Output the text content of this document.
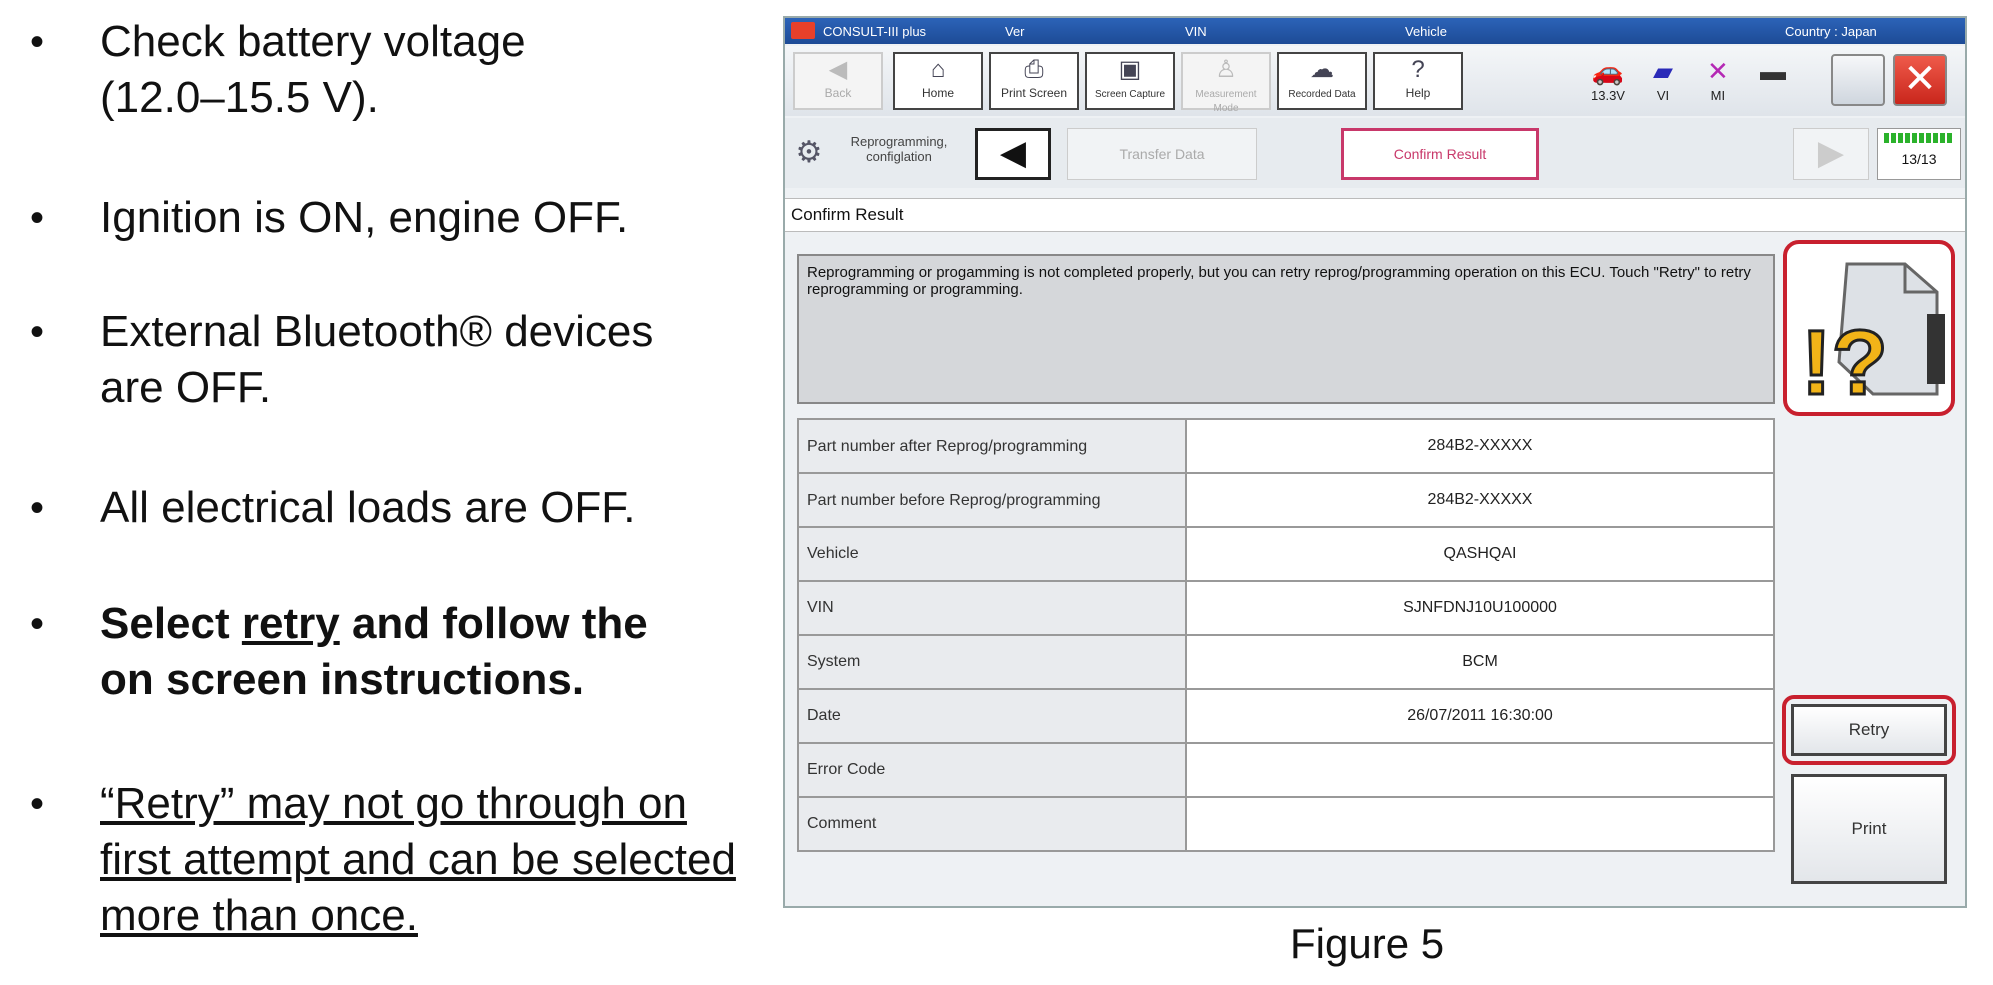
• Check battery voltage (12.0–15.5 V).
• Ignition is ON, engine OFF.
• External Bluetooth® devices are OFF.
• All electrical loads are OFF.
• Select retry and follow the on screen instructions.
• “Retry” may not go through on first attempt and can be selected more than once.
CONSULT-III plus	Ver	VIN	Vehicle	Country : Japan
◀
Back
⌂
Home
⎙
Print Screen
▣
Screen Capture
♙
Measurement Mode
☁
Recorded Data
?
Help
🚗
13.3V
▰
VI
✕
MI
▬	✕
⚙	Reprogramming, configlation	◀	Transfer Data	Confirm Result	▶	13/13
Confirm Result
Reprogramming or progamming is not completed properly, but you can retry reprog/programming operation on this ECU. Touch "Retry" to retry reprogramming or programming.
!?
Part number after Reprog/programming	284B2-XXXXX
Part number before Reprog/programming	284B2-XXXXX
Vehicle	QASHQAI
VIN	SJNFDNJ10U100000
System	BCM
Date	26/07/2011 16:30:00
Error Code	
Comment	
Retry
Print
Figure 5
